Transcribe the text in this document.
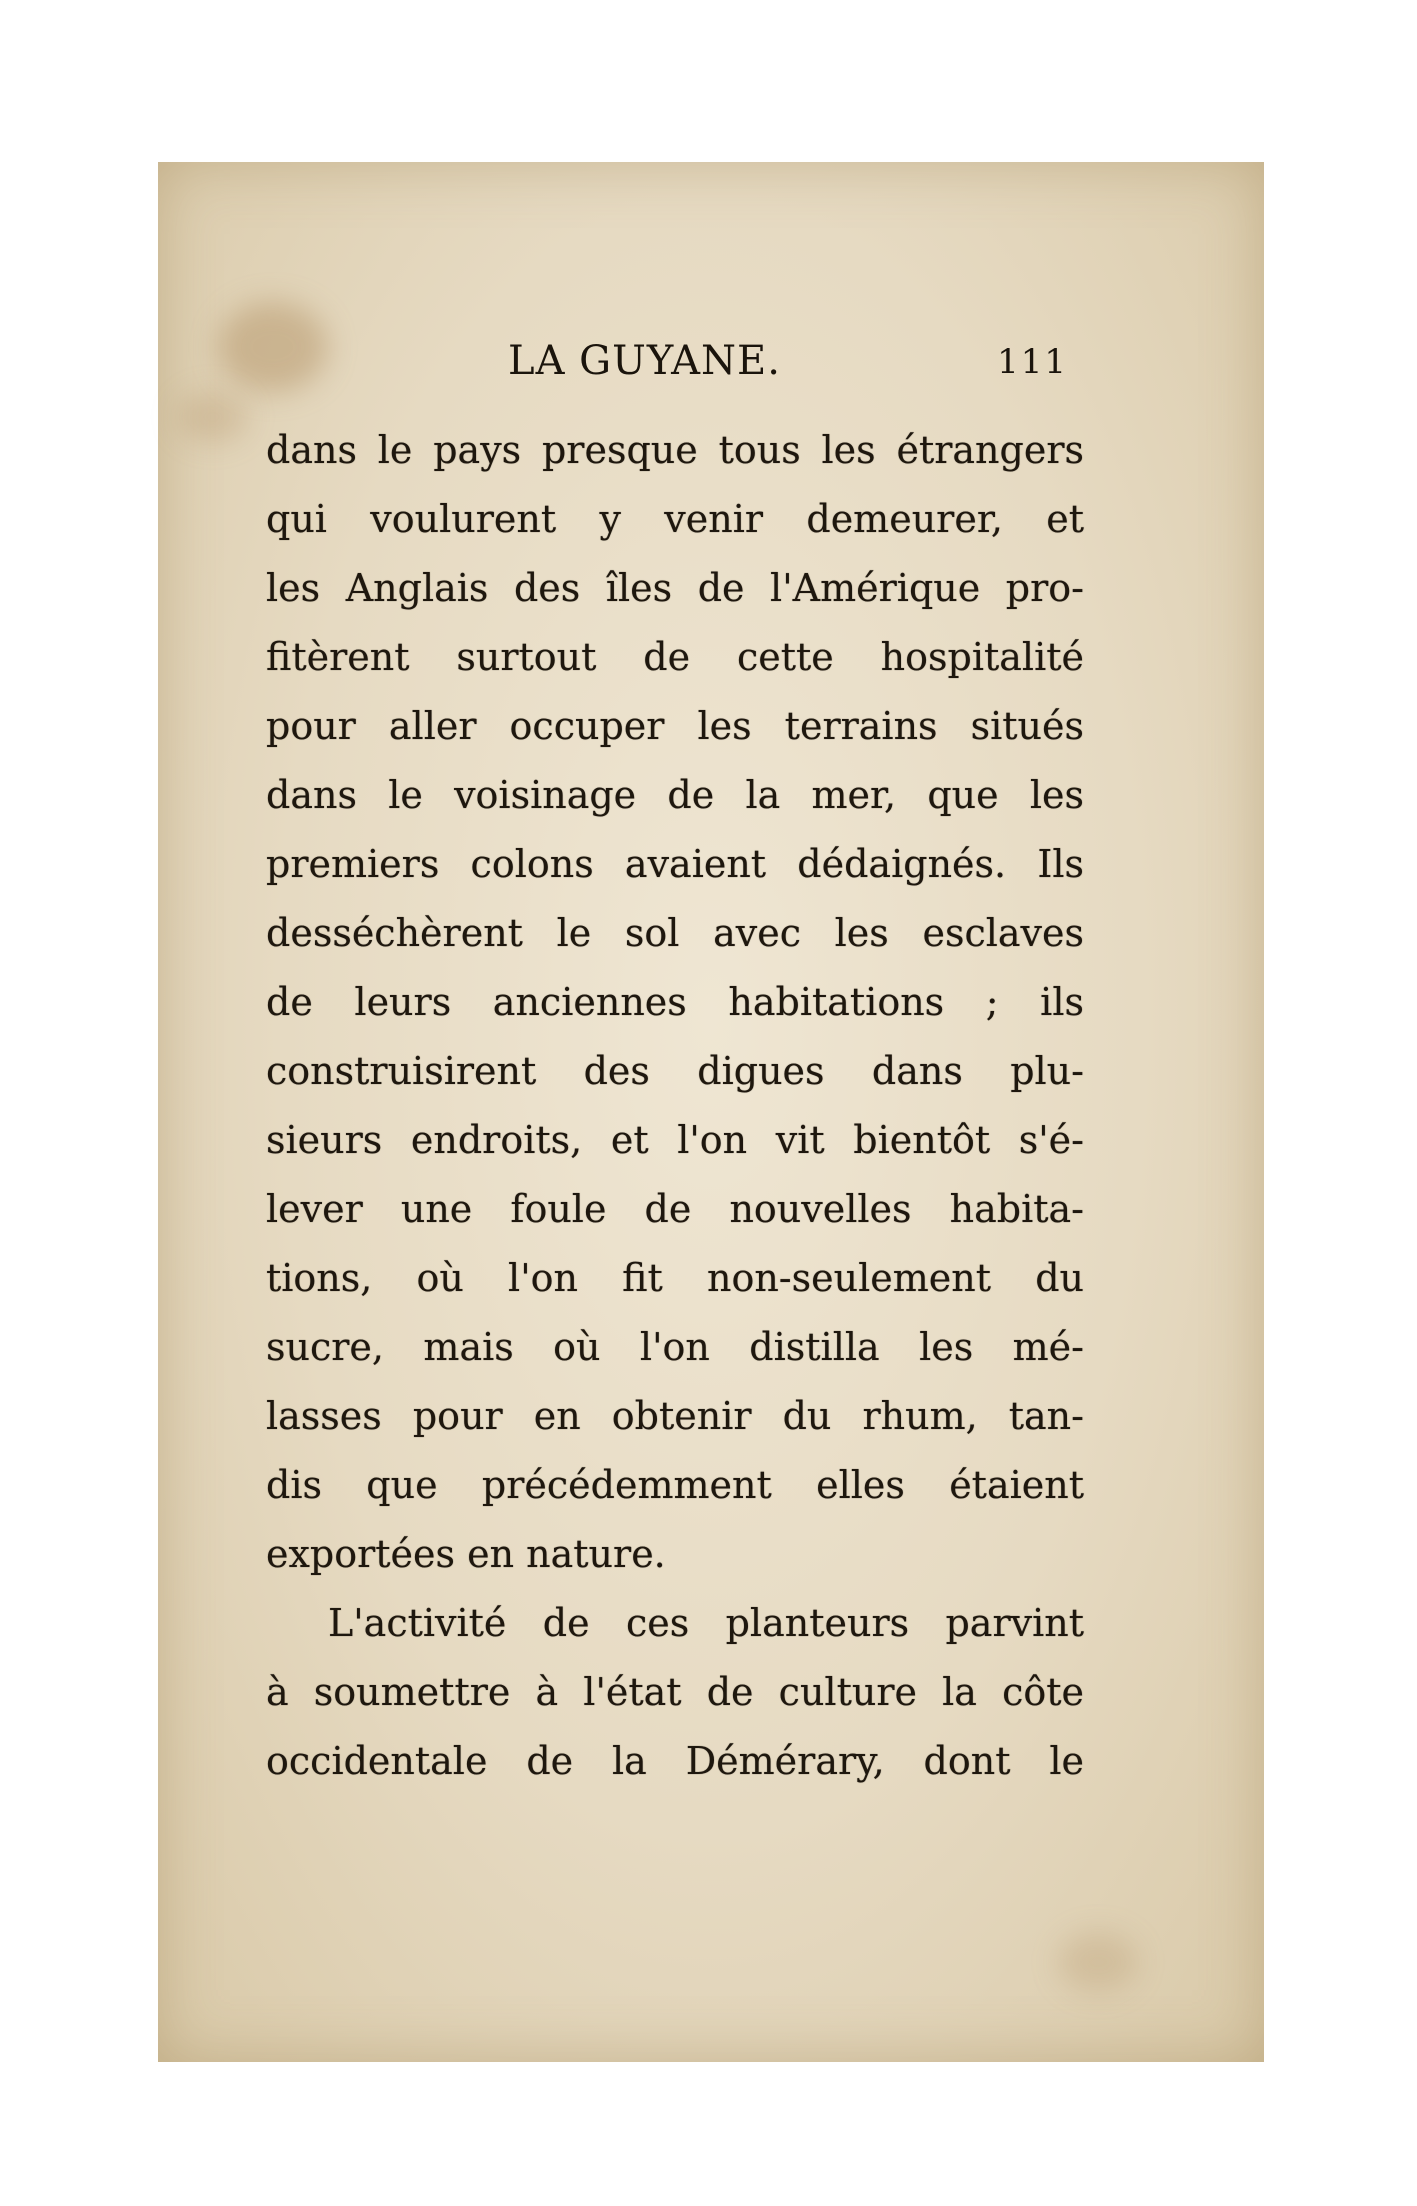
LA GUYANE.	111
dans le pays presque tous les étrangers
qui voulurent y venir demeurer, et
les Anglais des îles de l'Amérique pro-
fitèrent surtout de cette hospitalité
pour aller occuper les terrains situés
dans le voisinage de la mer, que les
premiers colons avaient dédaignés. Ils
desséchèrent le sol avec les esclaves
de leurs anciennes habitations ; ils
construisirent des digues dans plu-
sieurs endroits, et l'on vit bientôt s'é-
lever une foule de nouvelles habita-
tions, où l'on fit non-seulement du
sucre, mais où l'on distilla les mé-
lasses pour en obtenir du rhum, tan-
dis que précédemment elles étaient
exportées en nature.
L'activité de ces planteurs parvint
à soumettre à l'état de culture la côte
occidentale de la Démérary, dont le
